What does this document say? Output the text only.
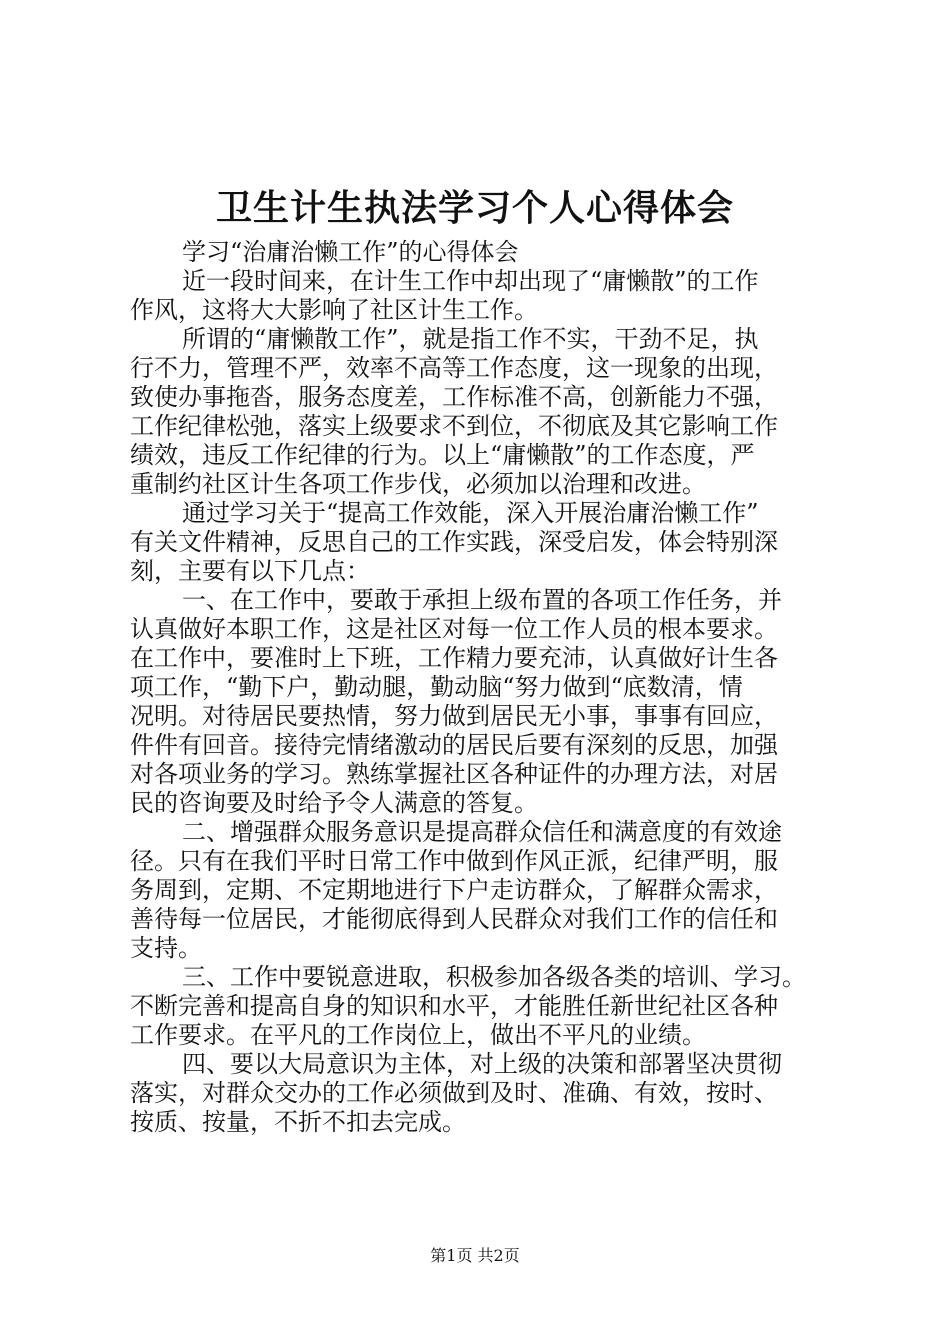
卫生计生执法学习个人心得体会
学习“治庸治懒工作”的心得体会
近一段时间来，在计生工作中却出现了“庸懒散”的工作
作风，这将大大影响了社区计生工作。
所谓的“庸懒散工作”，就是指工作不实，干劲不足，执
行不力，管理不严，效率不高等工作态度，这一现象的出现，
致使办事拖沓，服务态度差，工作标准不高，创新能力不强，
工作纪律松弛，落实上级要求不到位，不彻底及其它影响工作
绩效，违反工作纪律的行为。以上“庸懒散”的工作态度，严
重制约社区计生各项工作步伐，必须加以治理和改进。
通过学习关于“提高工作效能，深入开展治庸治懒工作”
有关文件精神，反思自己的工作实践，深受启发，体会特别深
刻，主要有以下几点：
一、在工作中，要敢于承担上级布置的各项工作任务，并
认真做好本职工作，这是社区对每一位工作人员的根本要求。
在工作中，要准时上下班，工作精力要充沛，认真做好计生各
项工作，“勤下户，勤动腿，勤动脑“努力做到“底数清，情
况明。对待居民要热情，努力做到居民无小事，事事有回应，
件件有回音。接待完情绪激动的居民后要有深刻的反思，加强
对各项业务的学习。熟练掌握社区各种证件的办理方法，对居
民的咨询要及时给予令人满意的答复。
二、增强群众服务意识是提高群众信任和满意度的有效途
径。只有在我们平时日常工作中做到作风正派，纪律严明，服
务周到，定期、不定期地进行下户走访群众，了解群众需求，
善待每一位居民，才能彻底得到人民群众对我们工作的信任和
支持。
三、工作中要锐意进取，积极参加各级各类的培训、学习。
不断完善和提高自身的知识和水平，才能胜任新世纪社区各种
工作要求。在平凡的工作岗位上，做出不平凡的业绩。
四、要以大局意识为主体，对上级的决策和部署坚决贯彻
落实，对群众交办的工作必须做到及时、准确、有效，按时、
按质、按量，不折不扣去完成。
第1页 共2页
